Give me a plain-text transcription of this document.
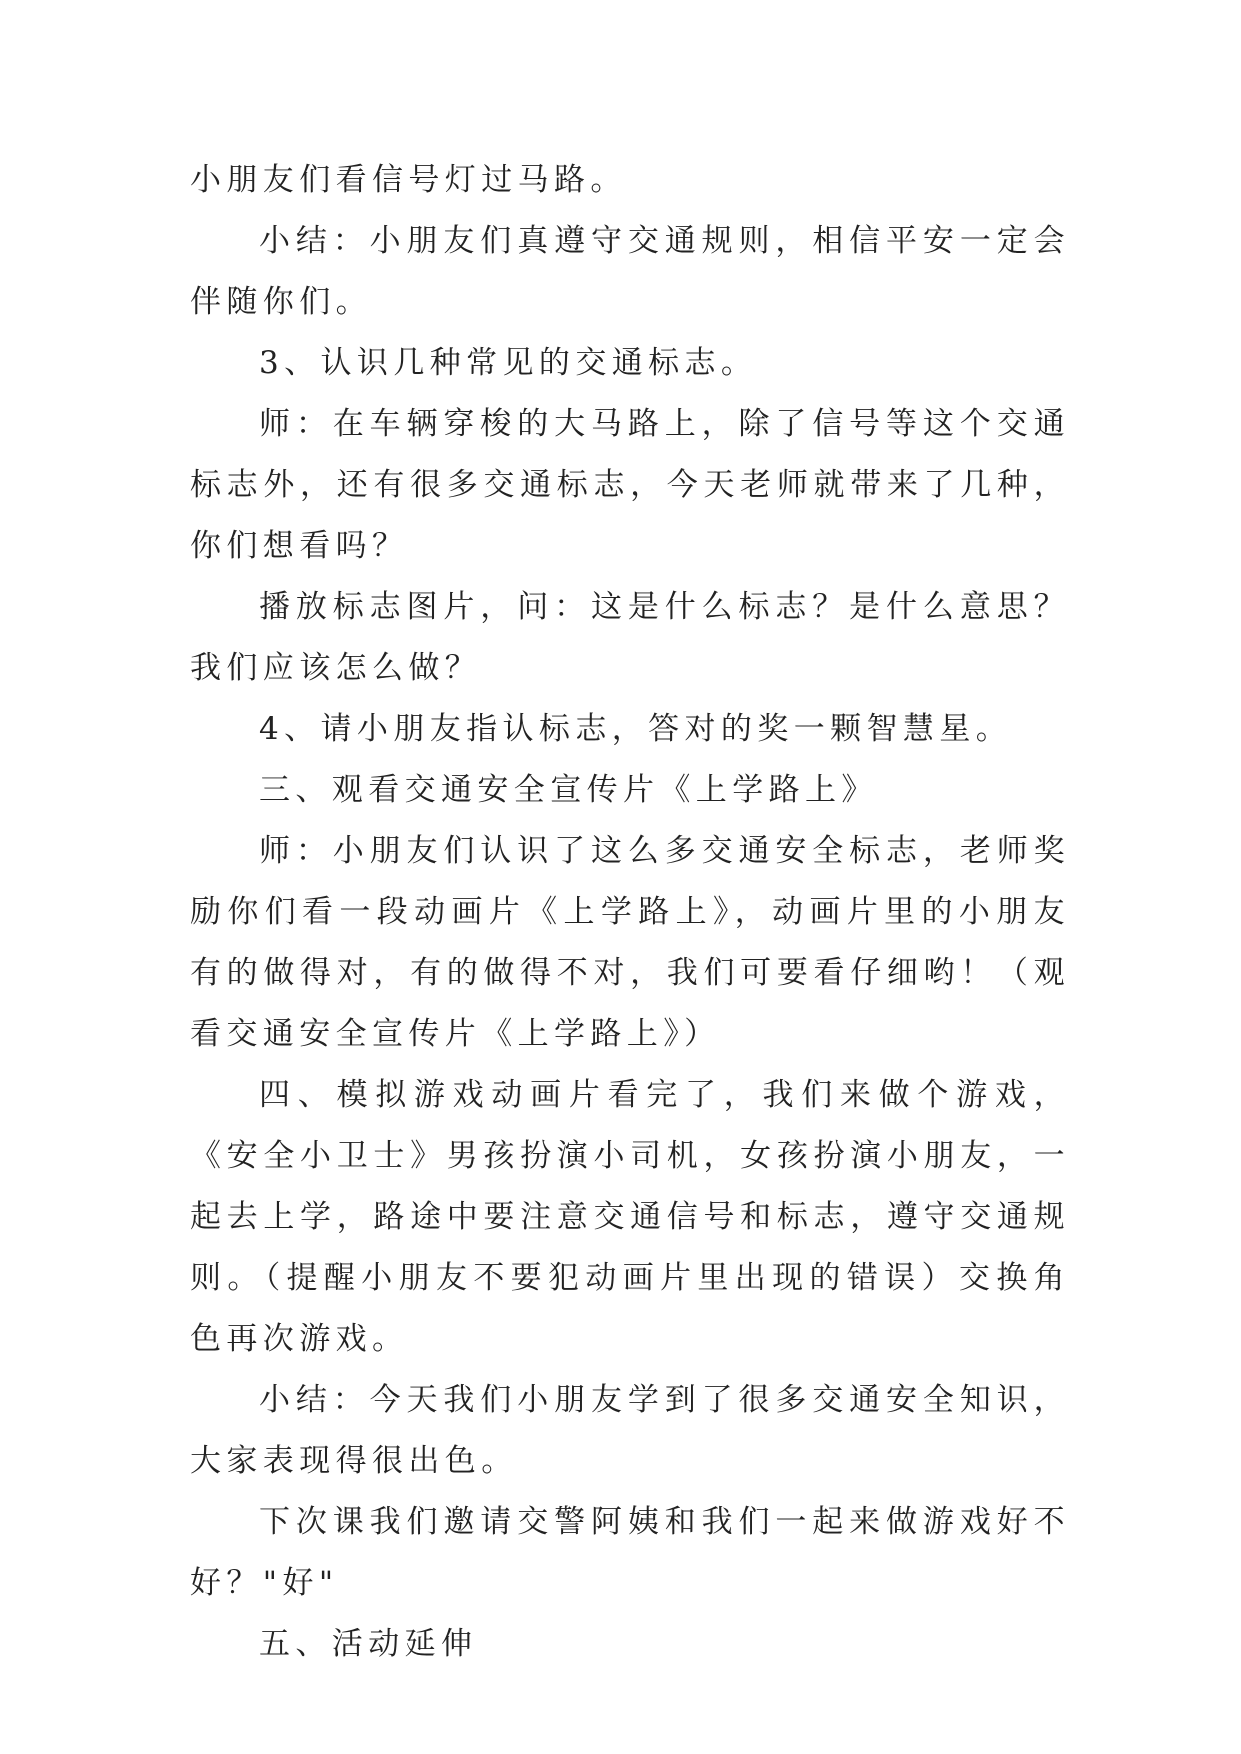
小朋友们看信号灯过马路。

小结：小朋友们真遵守交通规则，相信平安一定会伴随你们。

3、认识几种常见的交通标志。

师：在车辆穿梭的大马路上，除了信号等这个交通标志外，还有很多交通标志，今天老师就带来了几种，你们想看吗？

播放标志图片，问：这是什么标志？是什么意思？我们应该怎么做？

4、请小朋友指认标志，答对的奖一颗智慧星。

三、观看交通安全宣传片《上学路上》

师：小朋友们认识了这么多交通安全标志，老师奖励你们看一段动画片《上学路上》，动画片里的小朋友有的做得对，有的做得不对，我们可要看仔细哟！（观看交通安全宣传片《上学路上》）

四、模拟游戏动画片看完了，我们来做个游戏，《安全小卫士》男孩扮演小司机，女孩扮演小朋友，一起去上学，路途中要注意交通信号和标志，遵守交通规则。（提醒小朋友不要犯动画片里出现的错误）交换角色再次游戏。

小结：今天我们小朋友学到了很多交通安全知识，大家表现得很出色。

下次课我们邀请交警阿姨和我们一起来做游戏好不好？"好"

五、活动延伸
